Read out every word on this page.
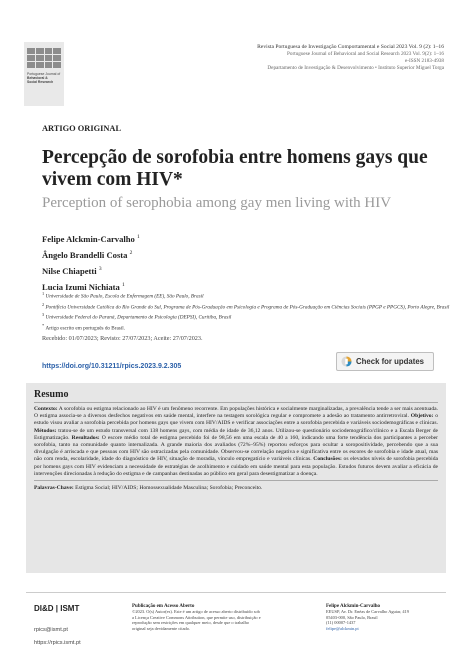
Portuguese Journal of
Behavioral &
Social Research
Revista Portuguesa de Investigação Comportamental e Social 2023 Vol. 9 (2): 1–16
Portuguese Journal of Behavioral and Social Research 2023 Vol. 9(2): 1–16
e-ISSN 2183-4938
Departamento de Investigação & Desenvolvimento • Instituto Superior Miguel Torga
ARTIGO ORIGINAL
Percepção de sorofobia entre homens gays que vivem com HIV*
Perception of serophobia among gay men living with HIV
Felipe Alckmin-Carvalho $^1$
Ângelo Brandelli Costa $^2$
Nilse Chiapetti $^3$
Lucia Izumi Nichiata $^1$
$^1$ Universidade de São Paulo, Escola de Enfermagem (EE), São Paulo, Brasil
$^2$ Pontifícia Universidade Católica do Rio Grande do Sul, Programa de Pós-Graduação em Psicologia e Programa de Pós-Graduação em Ciências Sociais (PPGP e PPGCS), Porto Alegre, Brasil
$^3$ Universidade Federal do Paraná, Departamento de Psicologia (DEPSI), Curitiba, Brasil
* Artigo escrito em português do Brasil.
Recebido: 01/07/2023; Revisto: 27/07/2023; Aceite: 27/07/2023.
https://doi.org/10.31211/rpics.2023.9.2.305
Check for updates
Resumo
Contexto: A sorofobia ou estigma relacionado ao HIV é um fenômeno recorrente. Em populações histórica e socialmente marginalizadas, a prevalência tende a ser mais acentuada. O estigma associa-se a diversos desfechos negativos em saúde mental, interfere na testagem sorológica regular e compromete a adesão ao tratamento antirretroviral. Objetivo: o estudo visou avaliar a sorofobia percebida por homens gays que vivem com HIV/AIDS e verificar associações entre a sorofobia percebida e variáveis sociodemográficas e clínicas. Métodos: tratou-se de um estudo transversal com 138 homens gays, com média de idade de 36,12 anos. Utilizou-se questionário sociodemográfico/clínico e a Escala Berger de Estigmatização. Resultados: O escore médio total de estigma percebido foi de 98,56 em uma escala de 40 a 160, indicando uma forte tendência dos participantes a perceber sorofobia, tanto na comunidade quanto internalizada. A grande maioria dos avaliados (72%–95%) reportou esforços para ocultar a soropositividade, percebendo que a sua divulgação é arriscada e que pessoas com HIV são ostracizadas pela comunidade. Observou-se correlação negativa e significativa entre os escores de sorofobia e idade atual, mas não com renda, escolaridade, idade do diagnóstico de HIV, situação de moradia, vínculo empregatício e variáveis clínicas. Conclusões: os elevados níveis de sorofobia percebida por homens gays com HIV evidenciam a necessidade de estratégias de acolhimento e cuidado em saúde mental para esta população. Estudos futuros devem avaliar a eficácia de intervenções direcionadas à redução do estigma e de campanhas destinadas ao público em geral para desestigmatizar a doença.
Palavras-Chave: Estigma Social; HIV/AIDS; Homossexualidade Masculina; Sorofobia; Preconceito.
DI&D | ISMT
rpics@ismt.pt
https://rpics.ismt.pt
Publicação em Acesso Aberto
©2023. O(s) Autor(es). Este é um artigo de acesso aberto distribuído sob a Licença Creative Commons Attribution, que permite uso, distribuição e reprodução sem restrições em qualquer meio, desde que o trabalho original seja devidamente citado.
Felipe Alckmin-Carvalho
EEUSP, Av. Dr. Enéas de Carvalho Aguiar, 419
05403-000, São Paulo, Brasil
(11) 00007-1437
felipe@alckmin.pt
